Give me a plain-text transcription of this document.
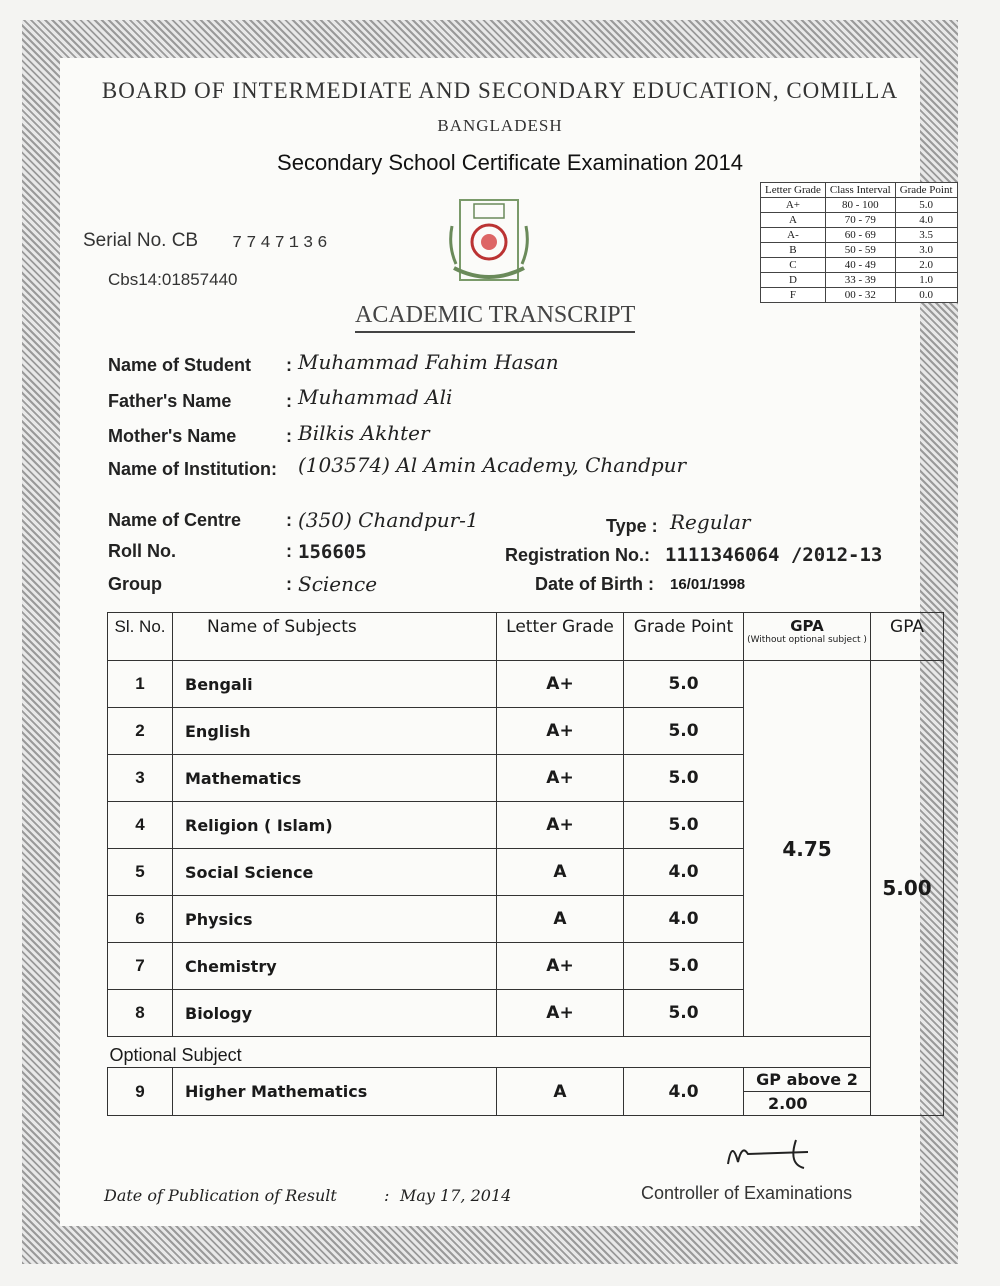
BOARD OF INTERMEDIATE AND SECONDARY EDUCATION, COMILLA
BANGLADESH
Secondary School Certificate Examination 2014
Serial No. CB 7747136
Cbs14:01857440
ACADEMIC TRANSCRIPT
Letter Grade	Class Interval	Grade Point
A+	80 - 100	5.0
A	70 - 79	4.0
A-	60 - 69	3.5
B	50 - 59	3.0
C	40 - 49	2.0
D	33 - 39	1.0
F	00 - 32	0.0
Name of Student : Muhammad Fahim Hasan
Father's Name	: Muhammad Ali
Mother's Name	: Bilkis Akhter
Name of Institution: (103574) Al Amin Academy, Chandpur
Name of Centre : (350) Chandpur-1	Type : Regular
Roll No.	: 156605	Registration No.: 1111346064 /2012-13
Group	: Science	Date of Birth : 16/01/1998
Sl. No.	Name of Subjects	Letter Grade	Grade Point	GPA
(Without optional subject )	GPA
1	Bengali	A+	5.0	4.75	5.00
2	English	A+	5.0		
3	Mathematics	A+	5.0		
4	Religion ( Islam)	A+	5.0		
5	Social Science	A	4.0		
6	Physics	A	4.0		
7	Chemistry	A+	5.0		
8	Biology	A+	5.0		

Optional Subject					

9	Higher Mathematics	A	4.0	GP above 2
2.00	
Date of Publication of Result	: May 17, 2014	Controller of Examinations
